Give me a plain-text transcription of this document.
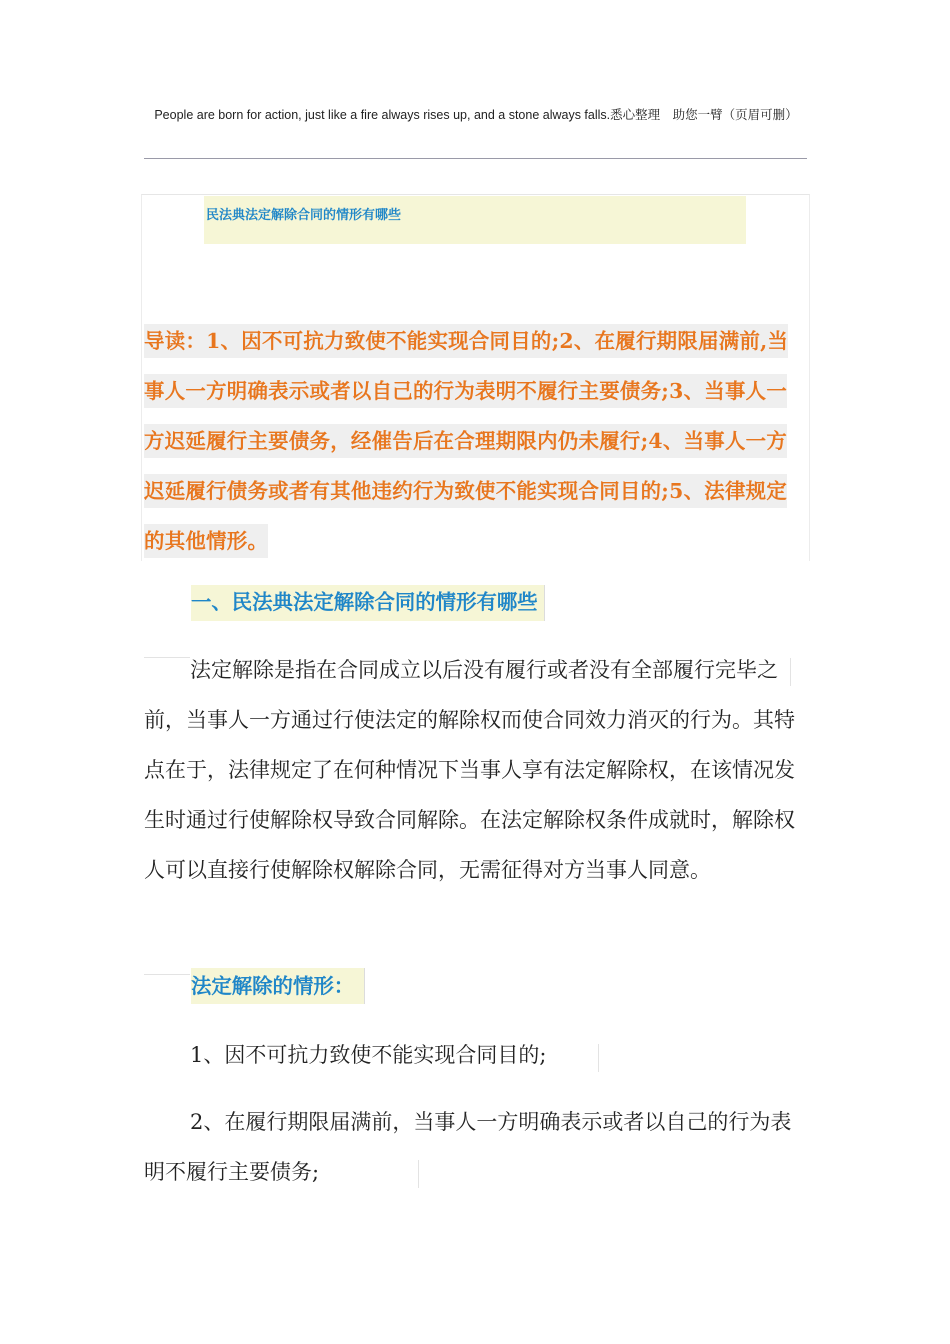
People are born for action, just like a fire always rises up, and a stone always falls.悉心整理　助您一臂（页眉可删）
民法典法定解除合同的情形有哪些
导读：1、因不可抗力致使不能实现合同目的;2、在履行期限届满前,当事人一方明确表示或者以自己的行为表明不履行主要债务;3、当事人一方迟延履行主要债务，经催告后在合理期限内仍未履行;4、当事人一方迟延履行债务或者有其他违约行为致使不能实现合同目的;5、法律规定的其他情形。
一、民法典法定解除合同的情形有哪些
法定解除是指在合同成立以后没有履行或者没有全部履行完毕之前，当事人一方通过行使法定的解除权而使合同效力消灭的行为。其特点在于，法律规定了在何种情况下当事人享有法定解除权，在该情况发生时通过行使解除权导致合同解除。在法定解除权条件成就时，解除权人可以直接行使解除权解除合同，无需征得对方当事人同意。
法定解除的情形：
1、因不可抗力致使不能实现合同目的;
2、在履行期限届满前，当事人一方明确表示或者以自己的行为表明不履行主要债务;
